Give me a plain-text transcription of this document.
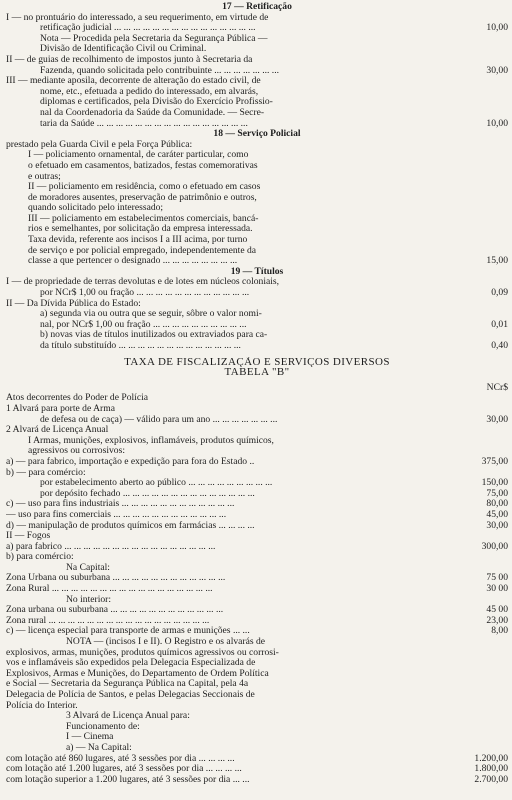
17 — Retificação
I — no prontuário do interessado, a seu requerimento, em virtude de
retificação judicial ... ... ... ... ... ... ... ... ... ... ... ... ... ... ...	10,00
Nota — Procedida pela Secretaria da Segurança Pública —
Divisão de Identificação Civil ou Criminal.
II — de guias de recolhimento de impostos junto à Secretaria da
Fazenda, quando solicitada pelo contribuinte ... ... ... ... ... ... ...	30,00
III — mediante aposila, decorrente de alteração do estado civil, de
nome, etc., efetuada a pedido do interessado, em alvarás,
diplomas e certificados, pela Divisão do Exercício Profissio-
nal da Coordenadoria da Saúde da Comunidade. — Secre-
taria da Saúde ... ... ... ... ... ... ... ... ... ... ... ... ... ... ... ...	10,00
18 — Serviço Policial
prestado pela Guarda Civil e pela Força Pública:
I — policiamento ornamental, de caráter particular, como
o efetuado em casamentos, batizados, festas comemorativas
e outras;
II — policiamento em residência, como o efetuado em casos
de moradores ausentes, preservação de patrimônio e outros,
quando solicitado pelo interessado;
III — policiamento em estabelecimentos comerciais, bancá-
rios e semelhantes, por solicitação da empresa interessada.
Taxa devida, referente aos incisos I a III acima, por turno
de serviço e por policial empregado, independentemente da
classe a que pertencer o designado ... ... ... ... ... ... ... ...	15,00
19 — Títulos
I — de propriedade de terras devolutas e de lotes em núcleos coloniais,
por NCr$ 1,00 ou fração ... ... ... ... ... ... ... ... ... ... ... ...	0,09
II — Da Dívida Pública do Estado:
a) segunda via ou outra que se seguir, sôbre o valor nomi-
nal, por NCr$ 1,00 ou fração ... ... ... ... ... ... ... ... ... ...	0,01
b) novas vias de títulos inutilizados ou extraviados para ca-
da título substituído ... ... ... ... ... ... ... ... ... ... ... ... ...	0,40
TAXA DE FISCALIZAÇÃO E SERVIÇOS DIVERSOS
TABELA "B"
NCr$
Atos decorrentes do Poder de Polícia
1 Alvará para porte de Arma
de defesa ou de caça) — válido para um ano ... ... ... ... ... ... ...	30,00
2 Alvará de Licença Anual
I Armas, munições, explosivos, inflamáveis, produtos químicos,
agressivos ou corrosivos:
a) — para fabrico, importação e expedição para fora do Estado ..	375,00
b) — para comércio:
por estabelecimento aberto ao público ... ... ... ... ... ... ... ... ...	150,00
por depósito fechado ... ... ... ... ... ... ... ... ... ... ... ... ... ...	75,00
c) — uso para fins industriais ... ... ... ... ... ... ... ... ... ... ... ...	80,00
— uso para fins comerciais ... ... ... ... ... ... ... ... ... ... ... ...	45,00
d) — manipulação de produtos químicos em farmácias ... ... ... ...	30,00
II — Fogos
a) para fabrico ... ... ... ... ... ... ... ... ... ... ... ... ... ... ... ...	300,00
b) para comércio:
Na Capital:
Zona Urbana ou suburbana ... ... ... ... ... ... ... ... ... ... ... ...	75 00
Zona Rural ... ... ... ... ... ... ... ... ... ... ... ... ... ... ... ... ...	30 00
No interior:
Zona urbana ou suburbana ... ... ... ... ... ... ... ... ... ... ... ...	45 00
Zona rural ... ... ... ... ... ... ... ... ... ... ... ... ... ... ... ... ...	23,00
c) — licença especial para transporte de armas e munições ... ...	8,00
NOTA — (incisos I e II). O Registro e os alvarás de
explosivos, armas, munições, produtos químicos agressivos ou corrosi-
vos e inflamáveis são expedidos pela Delegacia Especializada de
Explosivos, Armas e Munições, do Departamento de Ordem Política
e Social — Secretaria da Segurança Pública na Capital, pela 4a
Delegacia de Polícia de Santos, e pelas Delegacias Seccionais de
Polícia do Interior.
3 Alvará de Licença Anual para:
Funcionamento de:
I — Cinema
a) — Na Capital:
com lotação até 860 lugares, até 3 sessões por dia ... ... ... ...	1.200,00
com lotação até 1.200 lugares, até 3 sessões por dia ... ... ... ...	1.800,00
com lotação superior a 1.200 lugares, até 3 sessões por dia ... ...	2.700,00
